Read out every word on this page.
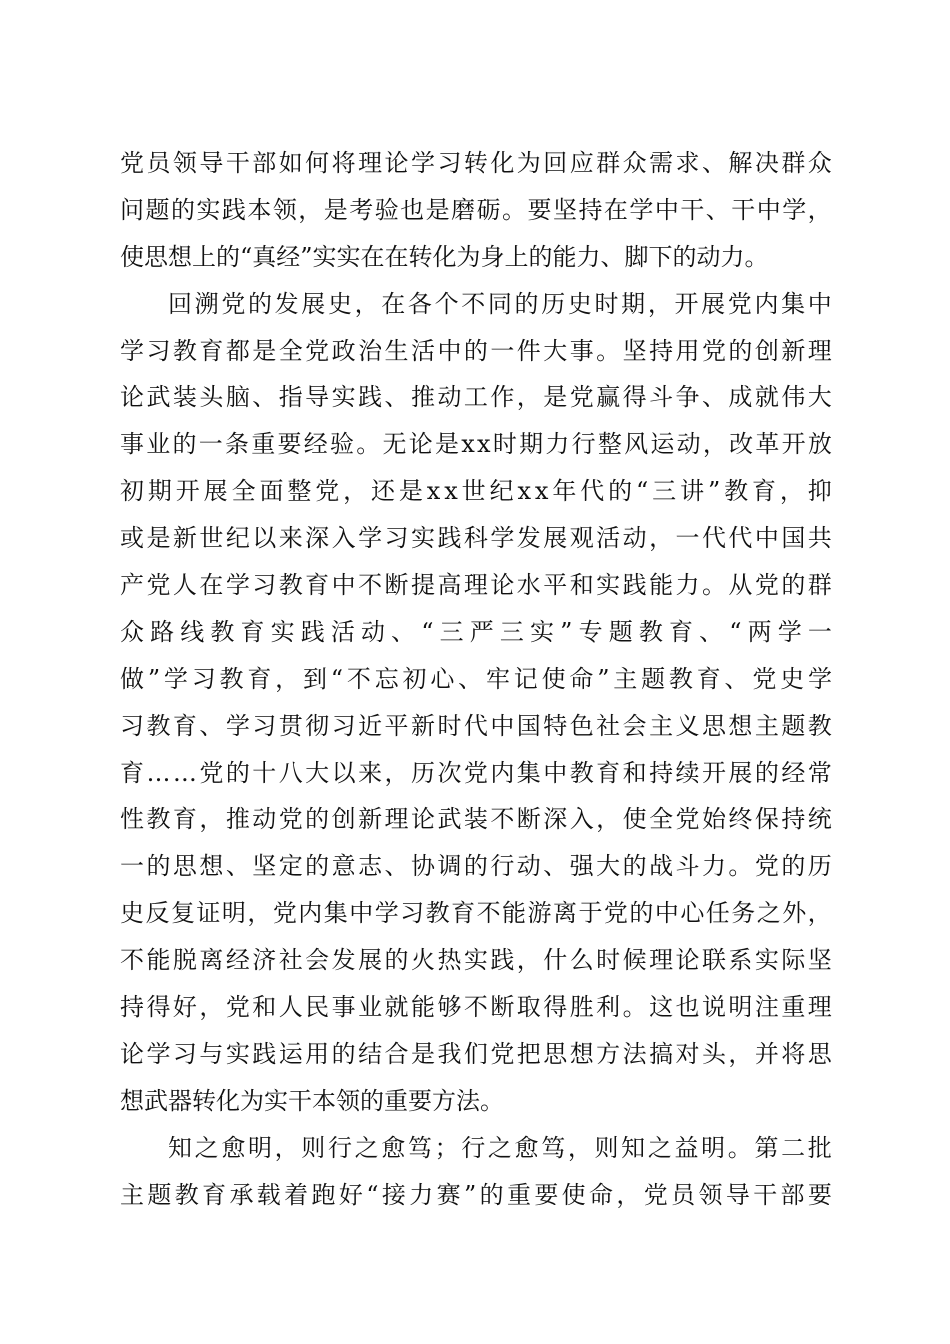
党 员 领 导 干 部 如 何 将 理 论 学 习 转 化 为 回 应 群 众 需 求 、 解 决 群 众
问 题 的 实 践 本 领 ， 是 考 验 也 是 磨 砺 。 要 坚 持 在 学 中 干 、 干 中 学 ，
使思想上的“真经”实实在在转化为身上的能力、脚下的动力。
回 溯 党 的 发 展 史 ， 在 各 个 不 同 的 历 史 时 期 ， 开 展 党 内 集 中
学 习 教 育 都 是 全 党 政 治 生 活 中 的 一 件 大 事 。 坚 持 用 党 的 创 新 理
论 武 装 头 脑 、 指 导 实 践 、 推 动 工 作 ， 是 党 赢 得 斗 争 、 成 就 伟 大
事 业 的 一 条 重 要 经 验 。 无 论 是 x x 时 期 力 行 整 风 运 动 ， 改 革 开 放
初 期 开 展 全 面 整 党 ， 还 是 x x 世 纪 x x 年 代 的 “ 三 讲 ” 教 育 ， 抑
或 是 新 世 纪 以 来 深 入 学 习 实 践 科 学 发 展 观 活 动 ， 一 代 代 中 国 共
产 党 人 在 学 习 教 育 中 不 断 提 高 理 论 水 平 和 实 践 能 力 。 从 党 的 群
众 路 线 教 育 实 践 活 动 、 “ 三 严 三 实 ” 专 题 教 育 、 “ 两 学 一
做 ” 学 习 教 育 ， 到 “ 不 忘 初 心 、 牢 记 使 命 ” 主 题 教 育 、 党 史 学
习 教 育 、 学 习 贯 彻 习 近 平 新 时 代 中 国 特 色 社 会 主 义 思 想 主 题 教
育 … … 党 的 十 八 大 以 来 ， 历 次 党 内 集 中 教 育 和 持 续 开 展 的 经 常
性 教 育 ， 推 动 党 的 创 新 理 论 武 装 不 断 深 入 ， 使 全 党 始 终 保 持 统
一 的 思 想 、 坚 定 的 意 志 、 协 调 的 行 动 、 强 大 的 战 斗 力 。 党 的 历
史 反 复 证 明 ， 党 内 集 中 学 习 教 育 不 能 游 离 于 党 的 中 心 任 务 之 外 ，
不 能 脱 离 经 济 社 会 发 展 的 火 热 实 践 ， 什 么 时 候 理 论 联 系 实 际 坚
持 得 好 ， 党 和 人 民 事 业 就 能 够 不 断 取 得 胜 利 。 这 也 说 明 注 重 理
论 学 习 与 实 践 运 用 的 结 合 是 我 们 党 把 思 想 方 法 搞 对 头 ， 并 将 思
想武器转化为实干本领的重要方法。
知 之 愈 明 ， 则 行 之 愈 笃 ； 行 之 愈 笃 ， 则 知 之 益 明 。 第 二 批
主 题 教 育 承 载 着 跑 好 “ 接 力 赛 ” 的 重 要 使 命 ， 党 员 领 导 干 部 要
